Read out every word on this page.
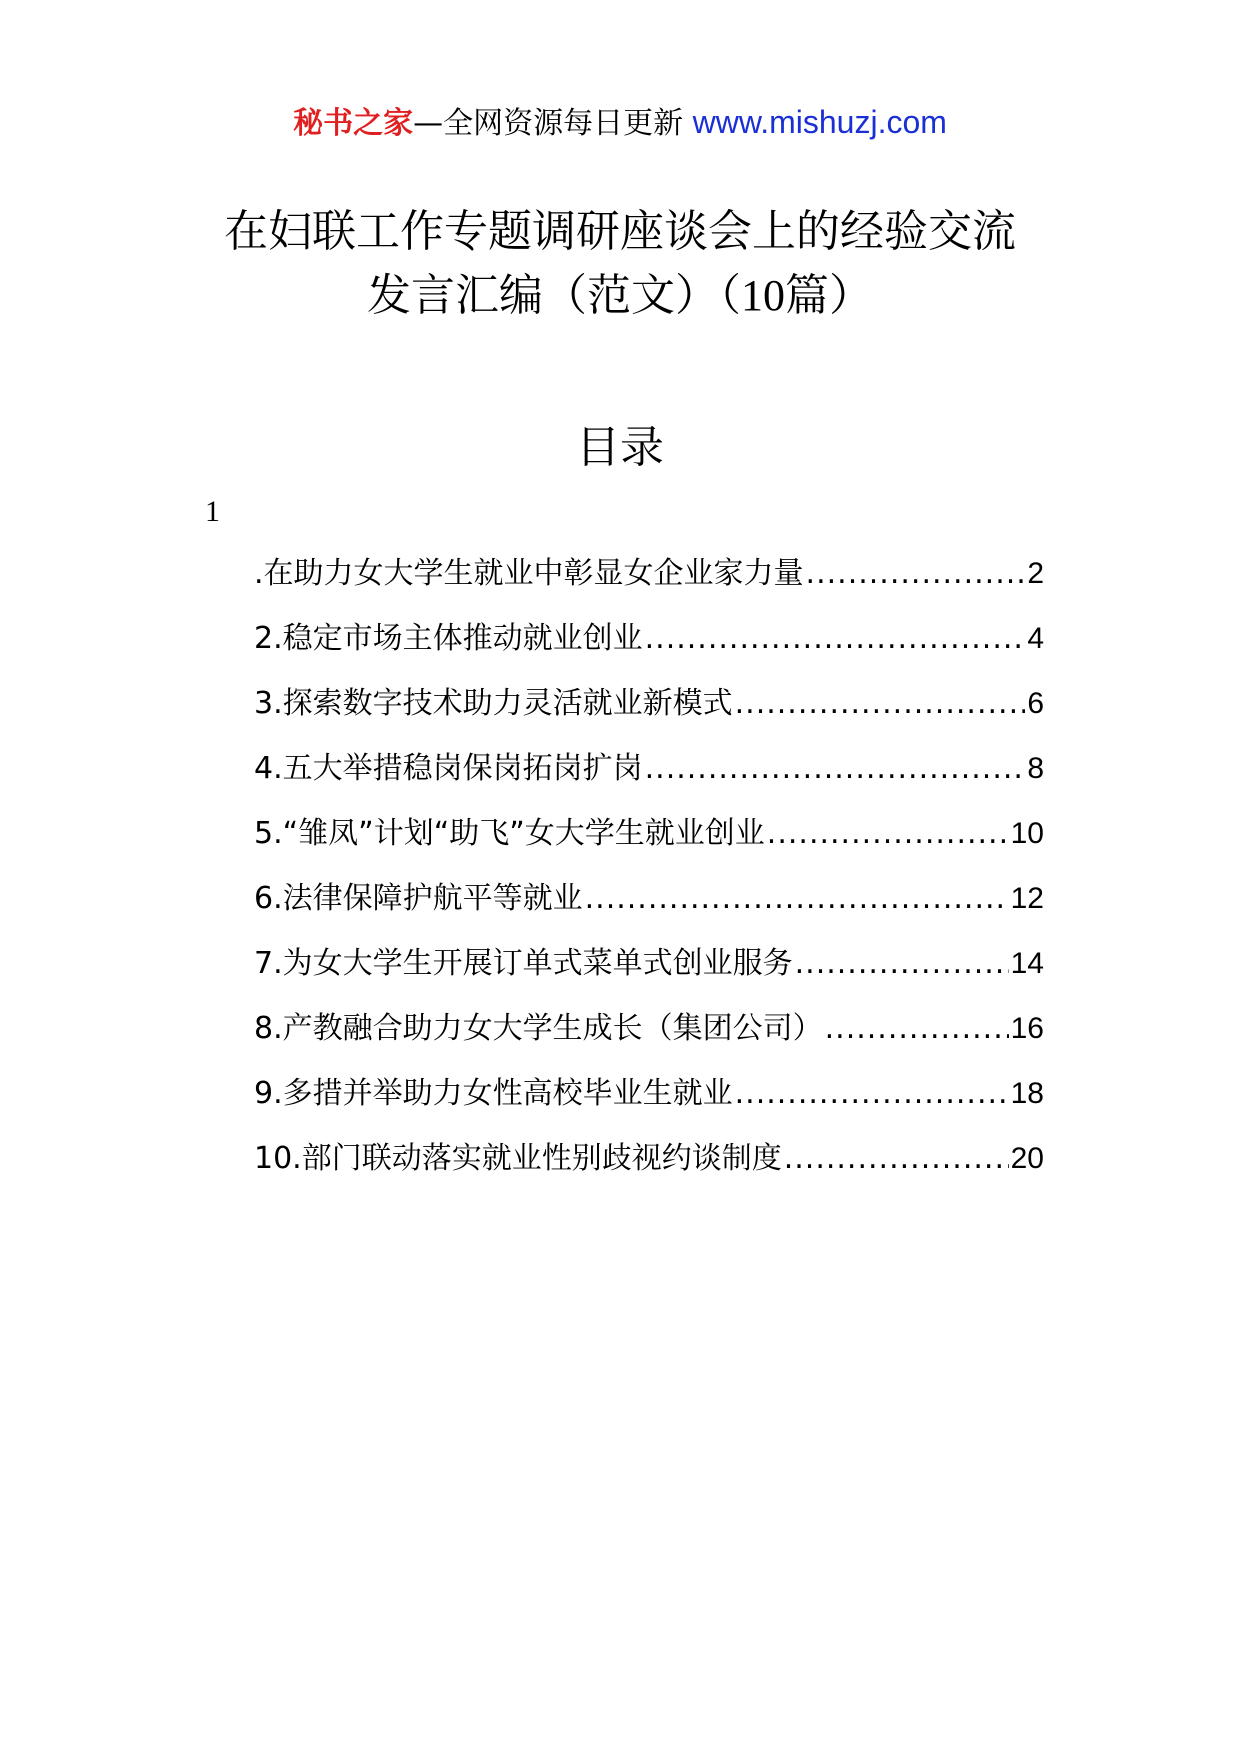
秘书之家—全网资源每日更新 www.mishuzj.com
在妇联工作专题调研座谈会上的经验交流
发言汇编（范文）（10篇）
目录
1
.在助力女大学生就业中彰显女企业家力量 .....	2
2.稳定市场主体推动就业创业 .....	4
3.探索数字技术助力灵活就业新模式 .....	6
4.五大举措稳岗保岗拓岗扩岗 .....	8
5.“雏凤”计划“助飞”女大学生就业创业 .....	10
6.法律保障护航平等就业 .....	12
7.为女大学生开展订单式菜单式创业服务 .....	14
8.产教融合助力女大学生成长（集团公司） .....	16
9.多措并举助力女性高校毕业生就业 .....	18
10.部门联动落实就业性别歧视约谈制度 .....	20
